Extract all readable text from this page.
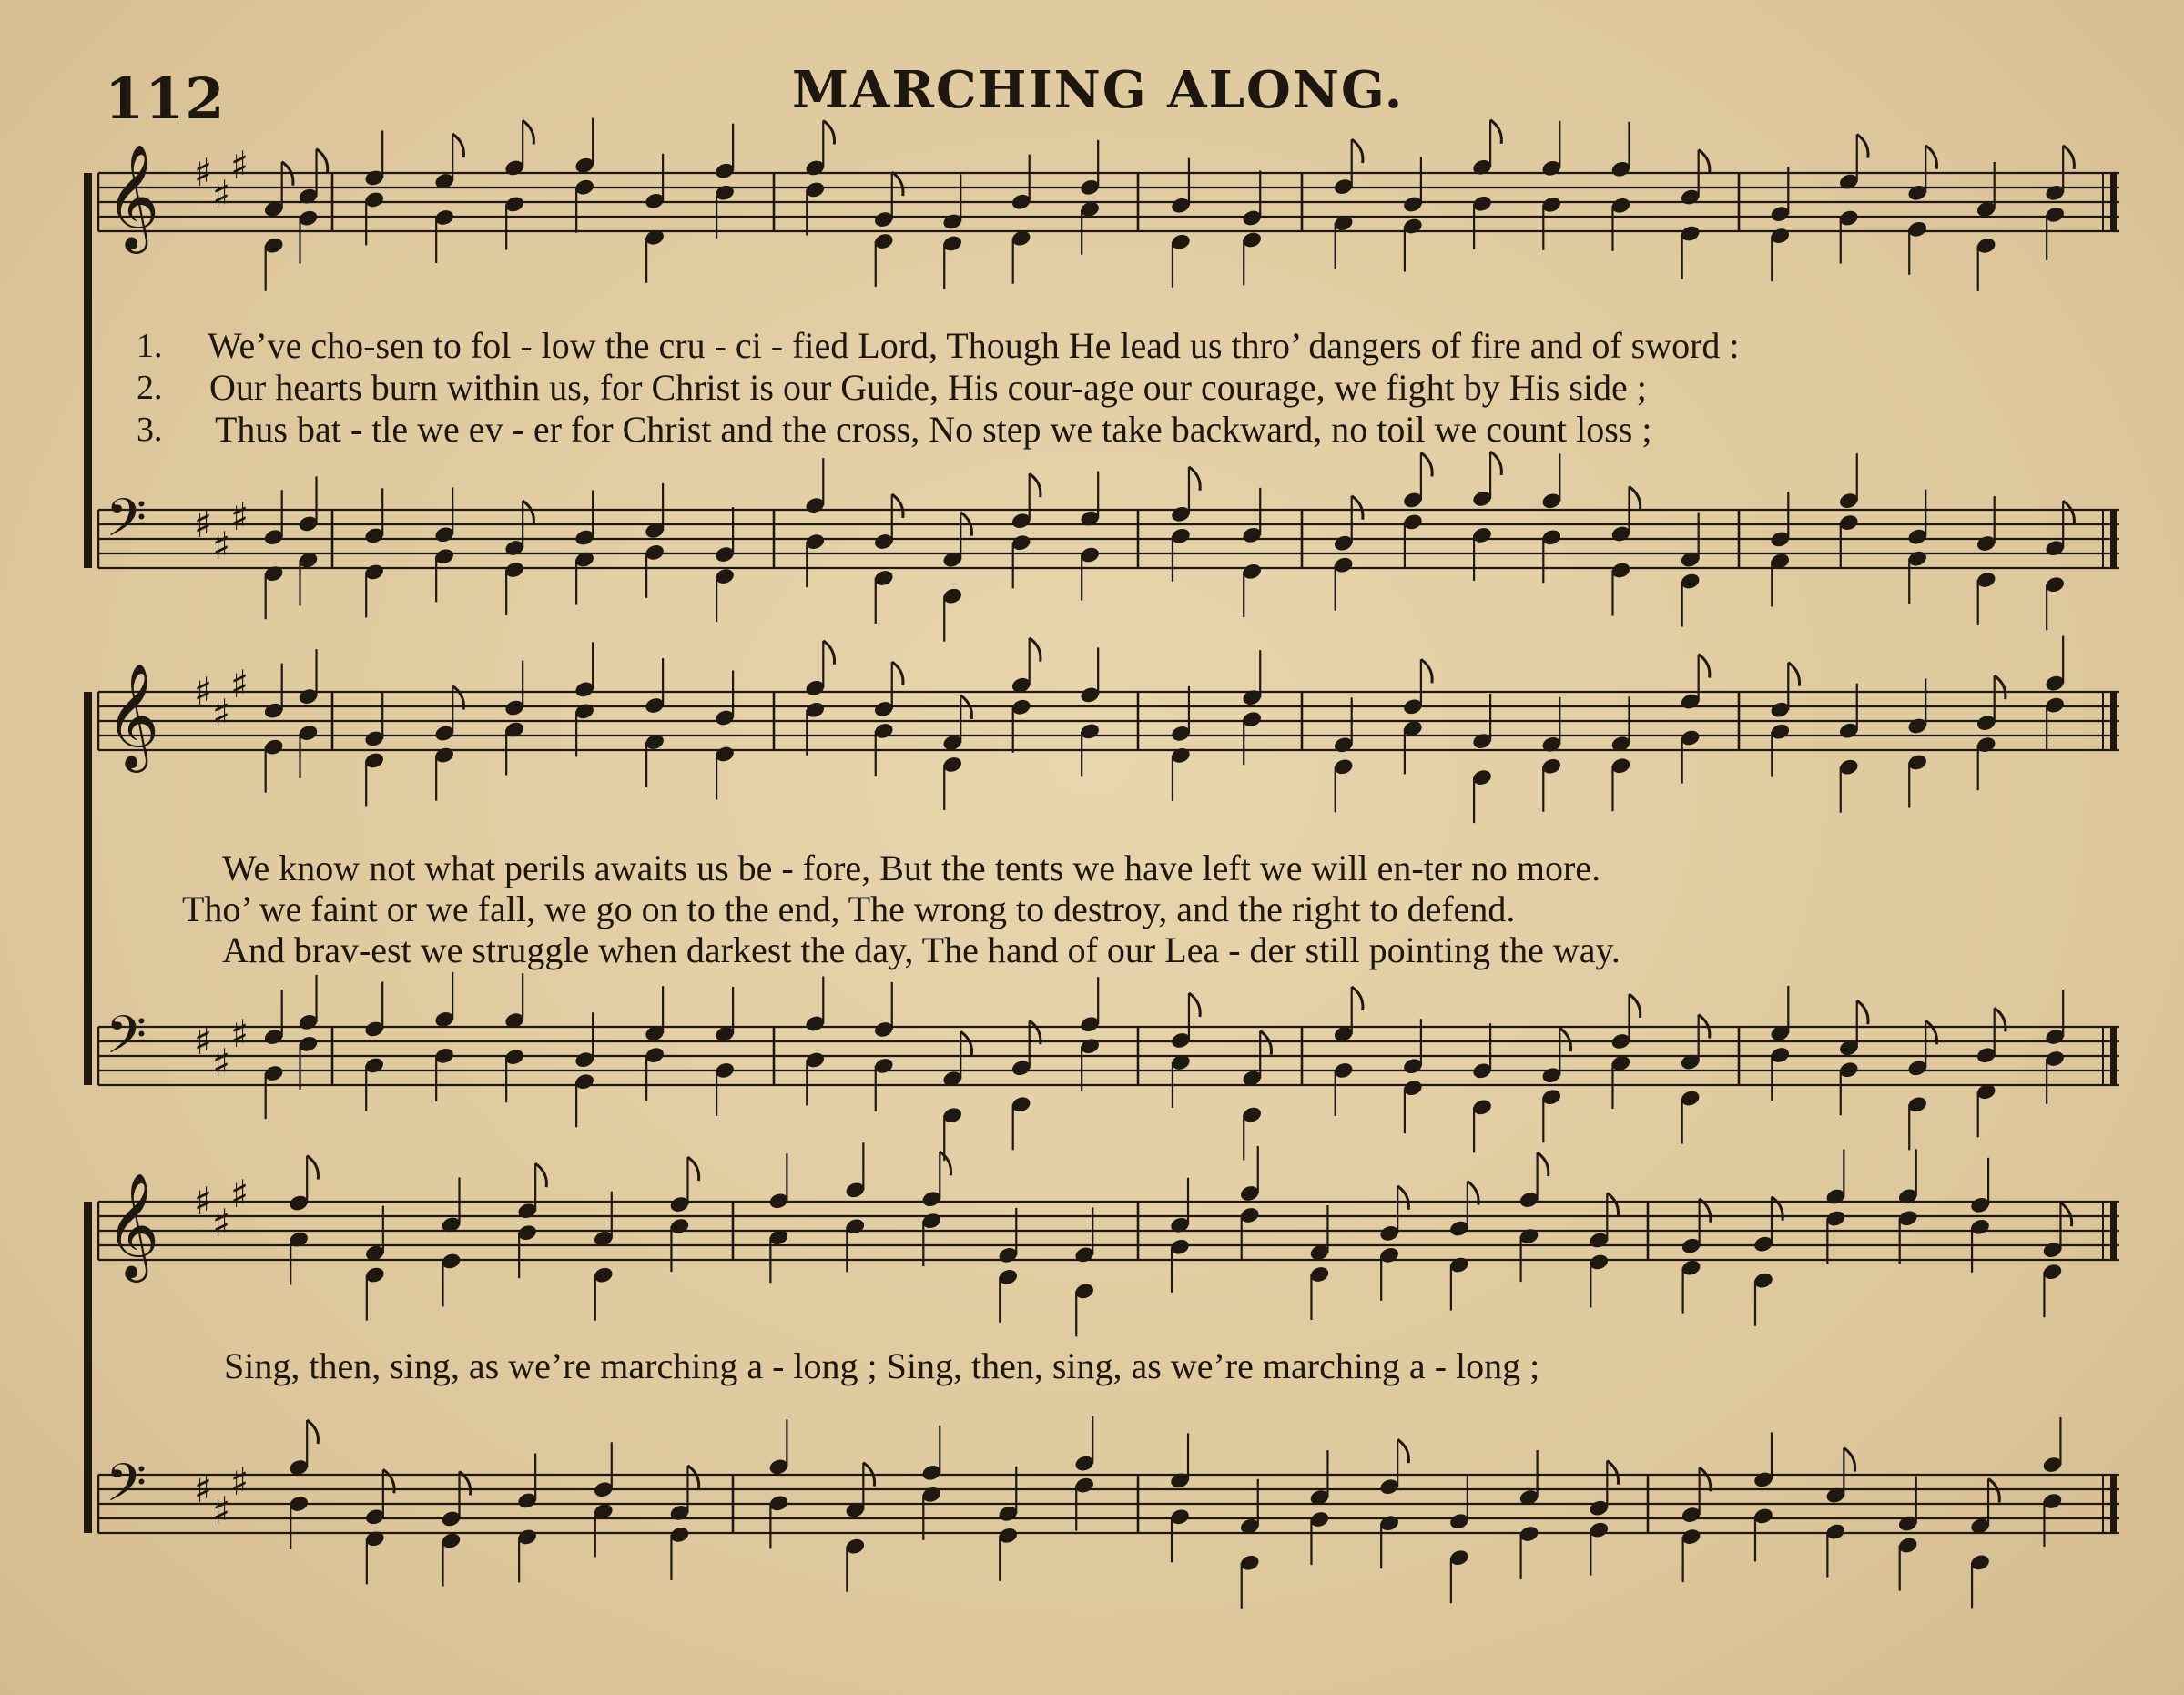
112	MARCHING ALONG.
𝄞 ♯ ♯
♯
𝄢 ♯ ♯
♯
𝄞 ♯ ♯
♯
𝄢 ♯ ♯
♯
𝄞 ♯ ♯
♯
𝄢 ♯ ♯
♯
1. We’ve cho-sen to fol - low the cru - ci - fied Lord, Though He lead us thro’ dangers of fire and of sword :
2. Our hearts burn within us, for Christ is our Guide, His cour-age our courage, we fight by His side ;
3. Thus bat - tle we ev - er for Christ and the cross, No step we take backward, no toil we count loss ;
We know not what perils awaits us be - fore, But the tents we have left we will en-ter no more.
Tho’ we faint or we fall, we go on to the end, The wrong to destroy, and the right to defend.
And brav-est we struggle when darkest the day, The hand of our Lea - der still pointing the way.
Sing, then, sing, as we’re marching a - long ; Sing, then, sing, as we’re marching a - long ;
